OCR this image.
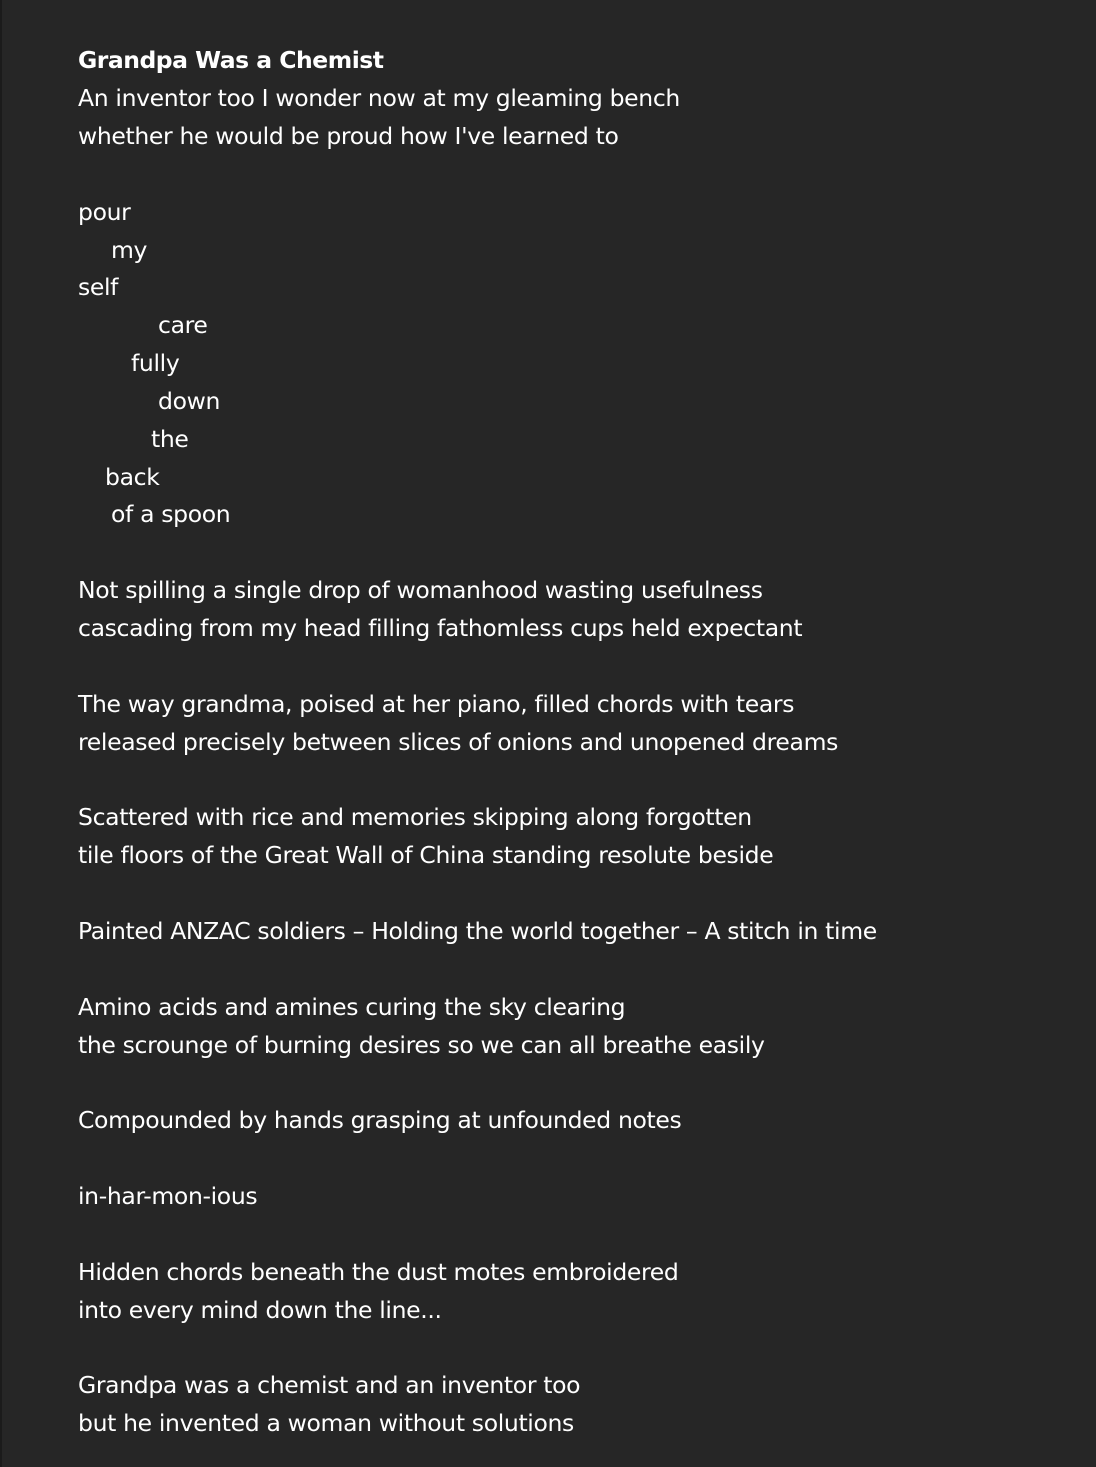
Grandpa Was a Chemist
An inventor too I wonder now at my gleaming bench
whether he would be proud how I've learned to
pour
my
self
care
fully
down
the
back
of a spoon
Not spilling a single drop of womanhood wasting usefulness
cascading from my head filling fathomless cups held expectant
The way grandma, poised at her piano, filled chords with tears
released precisely between slices of onions and unopened dreams
Scattered with rice and memories skipping along forgotten
tile floors of the Great Wall of China standing resolute beside
Painted ANZAC soldiers – Holding the world together – A stitch in time
Amino acids and amines curing the sky clearing
the scrounge of burning desires so we can all breathe easily
Compounded by hands grasping at unfounded notes
in-har-mon-ious
Hidden chords beneath the dust motes embroidered
into every mind down the line...
Grandpa was a chemist and an inventor too
but he invented a woman without solutions
